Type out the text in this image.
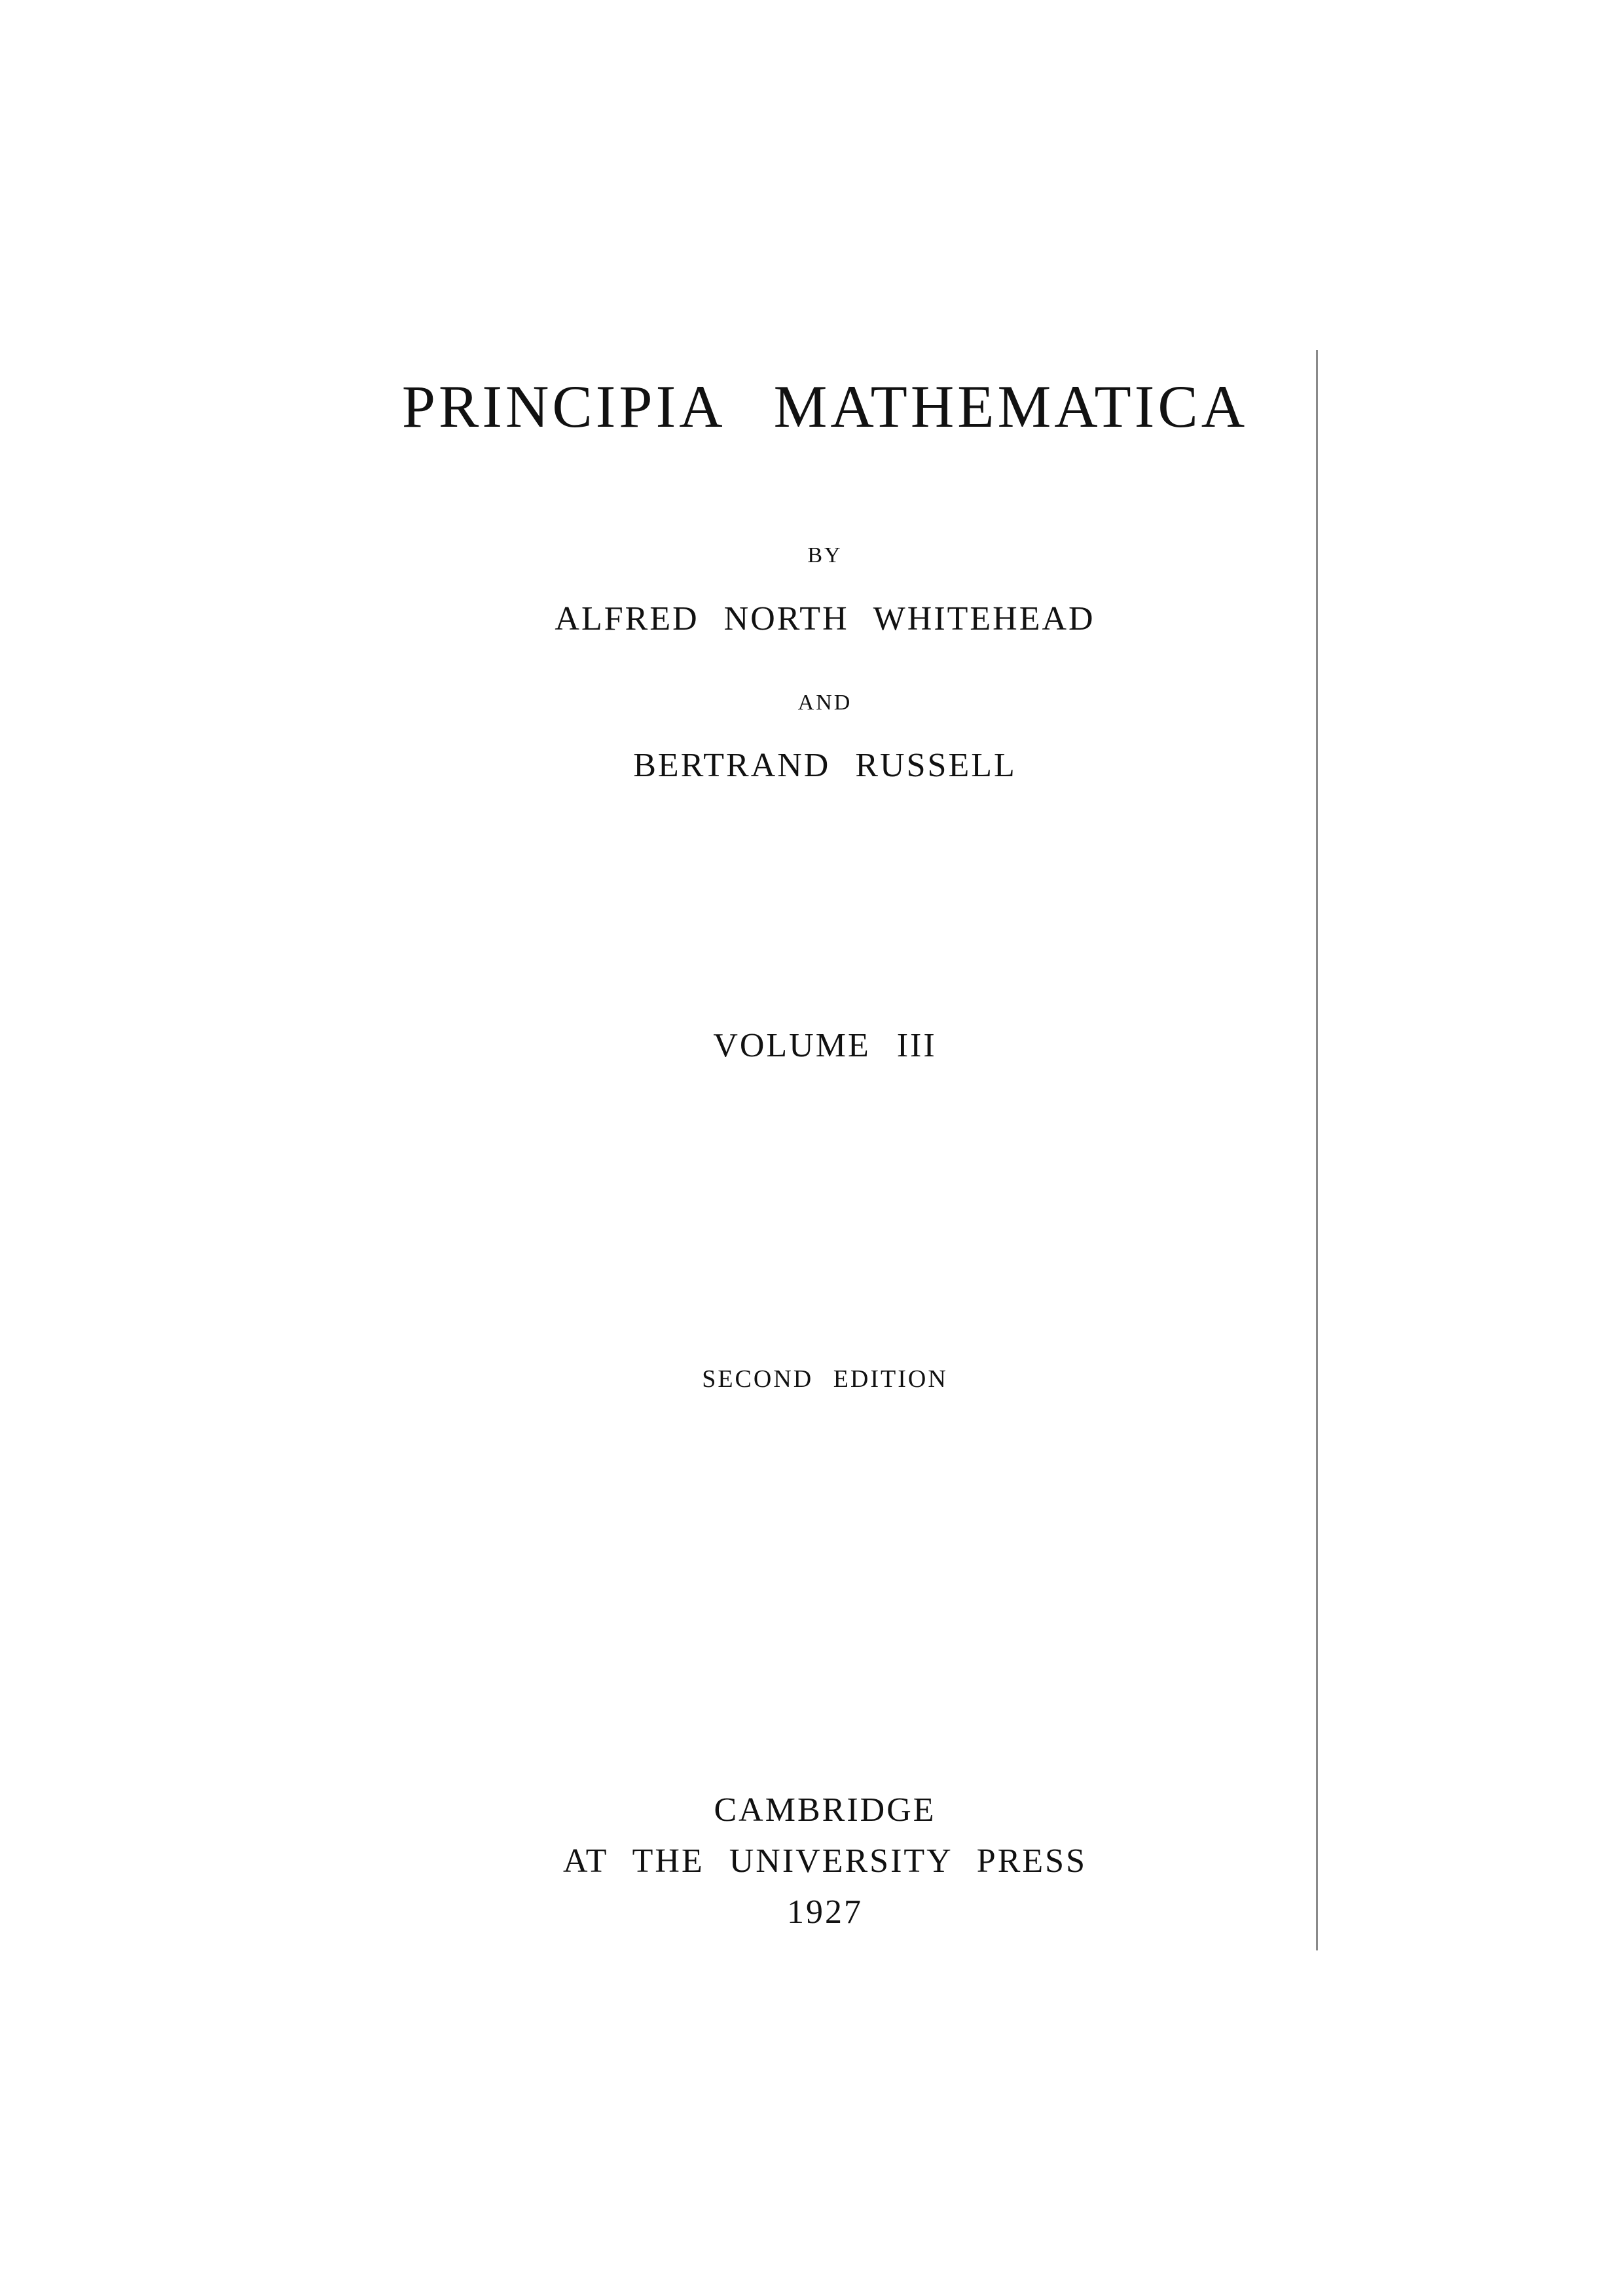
PRINCIPIA MATHEMATICA
BY
ALFRED NORTH WHITEHEAD
AND
BERTRAND RUSSELL
VOLUME III
SECOND EDITION
CAMBRIDGE
AT THE UNIVERSITY PRESS
1927
